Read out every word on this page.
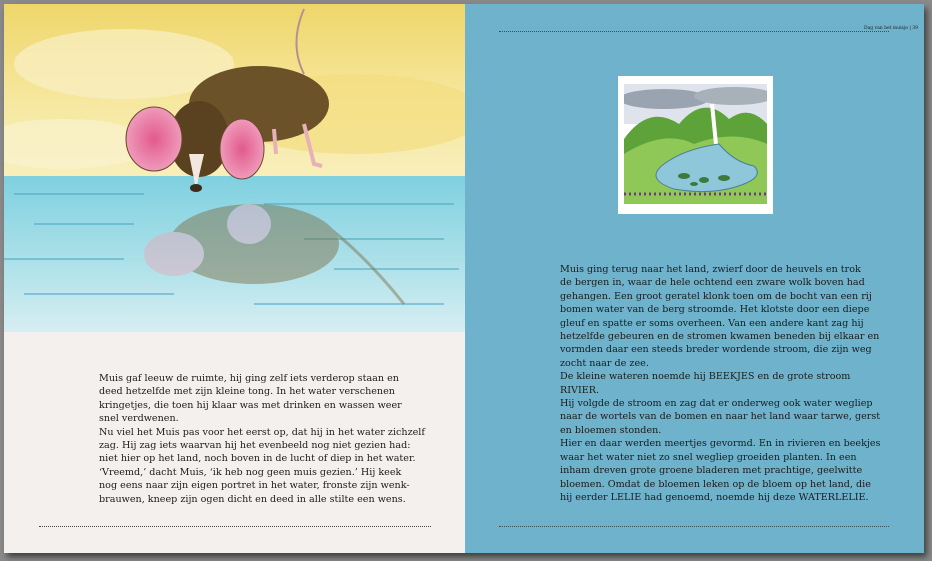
Muis gaf leeuw de ruimte, hij ging zelf iets verderop staan en

deed hetzelfde met zijn kleine tong. In het water verschenen

kringetjes, die toen hij klaar was met drinken en wassen weer

snel verdwenen.

Nu viel het Muis pas voor het eerst op, dat hij in het water zichzelf

zag. Hij zag iets waarvan hij het evenbeeld nog niet gezien had:

niet hier op het land, noch boven in de lucht of diep in het water.

‘Vreemd,’ dacht Muis, ‘ik heb nog geen muis gezien.’ Hij keek

nog eens naar zijn eigen portret in het water, fronste zijn wenk-

brauwen, kneep zijn ogen dicht en deed in alle stilte een wens.

Dag van het muisje | 39

Muis ging terug naar het land, zwierf door de heuvels en trok

de bergen in, waar de hele ochtend een zware wolk boven had

gehangen. Een groot geratel klonk toen om de bocht van een rij

bomen water van de berg stroomde. Het klotste door een diepe

gleuf en spatte er soms overheen. Van een andere kant zag hij

hetzelfde gebeuren en de stromen kwamen beneden bij elkaar en

vormden daar een steeds breder wordende stroom, die zijn weg

zocht naar de zee.

De kleine wateren noemde hij BEEKJES en de grote stroom

RIVIER.

Hij volgde de stroom en zag dat er onderweg ook water wegliep

naar de wortels van de bomen en naar het land waar tarwe, gerst

en bloemen stonden.

Hier en daar werden meertjes gevormd. En in rivieren en beekjes

waar het water niet zo snel wegliep groeiden planten. In een

inham dreven grote groene bladeren met prachtige, geelwitte

bloemen. Omdat de bloemen leken op de bloem op het land, die

hij eerder LELIE had genoemd, noemde hij deze WATERLELIE.
